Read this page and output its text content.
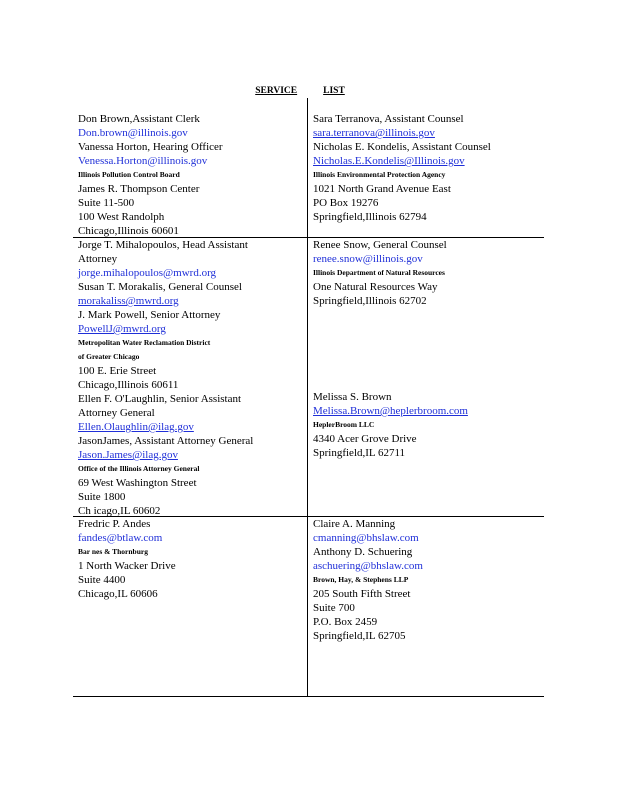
SERVICE	LIST
Don Brown,Assistant Clerk
Don.brown@illinois.gov
Vanessa Horton, Hearing Officer
Venessa.Horton@illinois.gov
Illinois Pollution Control Board
James R. Thompson Center
Suite 11-500
100 West Randolph
Chicago,Illinois 60601
Sara Terranova, Assistant Counsel
sara.terranova@illinois.gov
Nicholas E. Kondelis, Assistant Counsel
Nicholas.E.Kondelis@Illinois.gov
Illinois Environmental Protection Agency
1021 North Grand Avenue East
PO Box 19276
Springfield,Illinois 62794
Jorge T. Mihalopoulos, Head Assistant
Attorney
jorge.mihalopoulos@mwrd.org
Susan T. Morakalis, General Counsel
morakaliss@mwrd.org
J. Mark Powell, Senior Attorney
PowellJ@mwrd.org
Metropolitan Water Reclamation District
of Greater Chicago
100 E. Erie Street
Chicago,Illinois 60611
Ellen F. O'Laughlin, Senior Assistant
Attorney General
Ellen.Olaughlin@ilag.gov
JasonJames, Assistant Attorney General
Jason.James@ilag.gov
Office of the Illinois Attorney General
69 West Washington Street
Suite 1800
Ch icago,IL 60602
Renee Snow, General Counsel
renee.snow@illinois.gov
Illinois Department of Natural Resources
One Natural Resources Way
Springfield,Illinois 62702
Melissa S. Brown
Melissa.Brown@heplerbroom.com
HeplerBroom LLC
4340 Acer Grove Drive
Springfield,IL 62711
Fredric P. Andes
fandes@btlaw.com
Bar nes & Thornburg
1 North Wacker Drive
Suite 4400
Chicago,IL 60606
Claire A. Manning
cmanning@bhslaw.com
Anthony D. Schuering
aschuering@bhslaw.com
Brown, Hay, & Stephens LLP
205 South Fifth Street
Suite 700
P.O. Box 2459
Springfield,IL 62705
